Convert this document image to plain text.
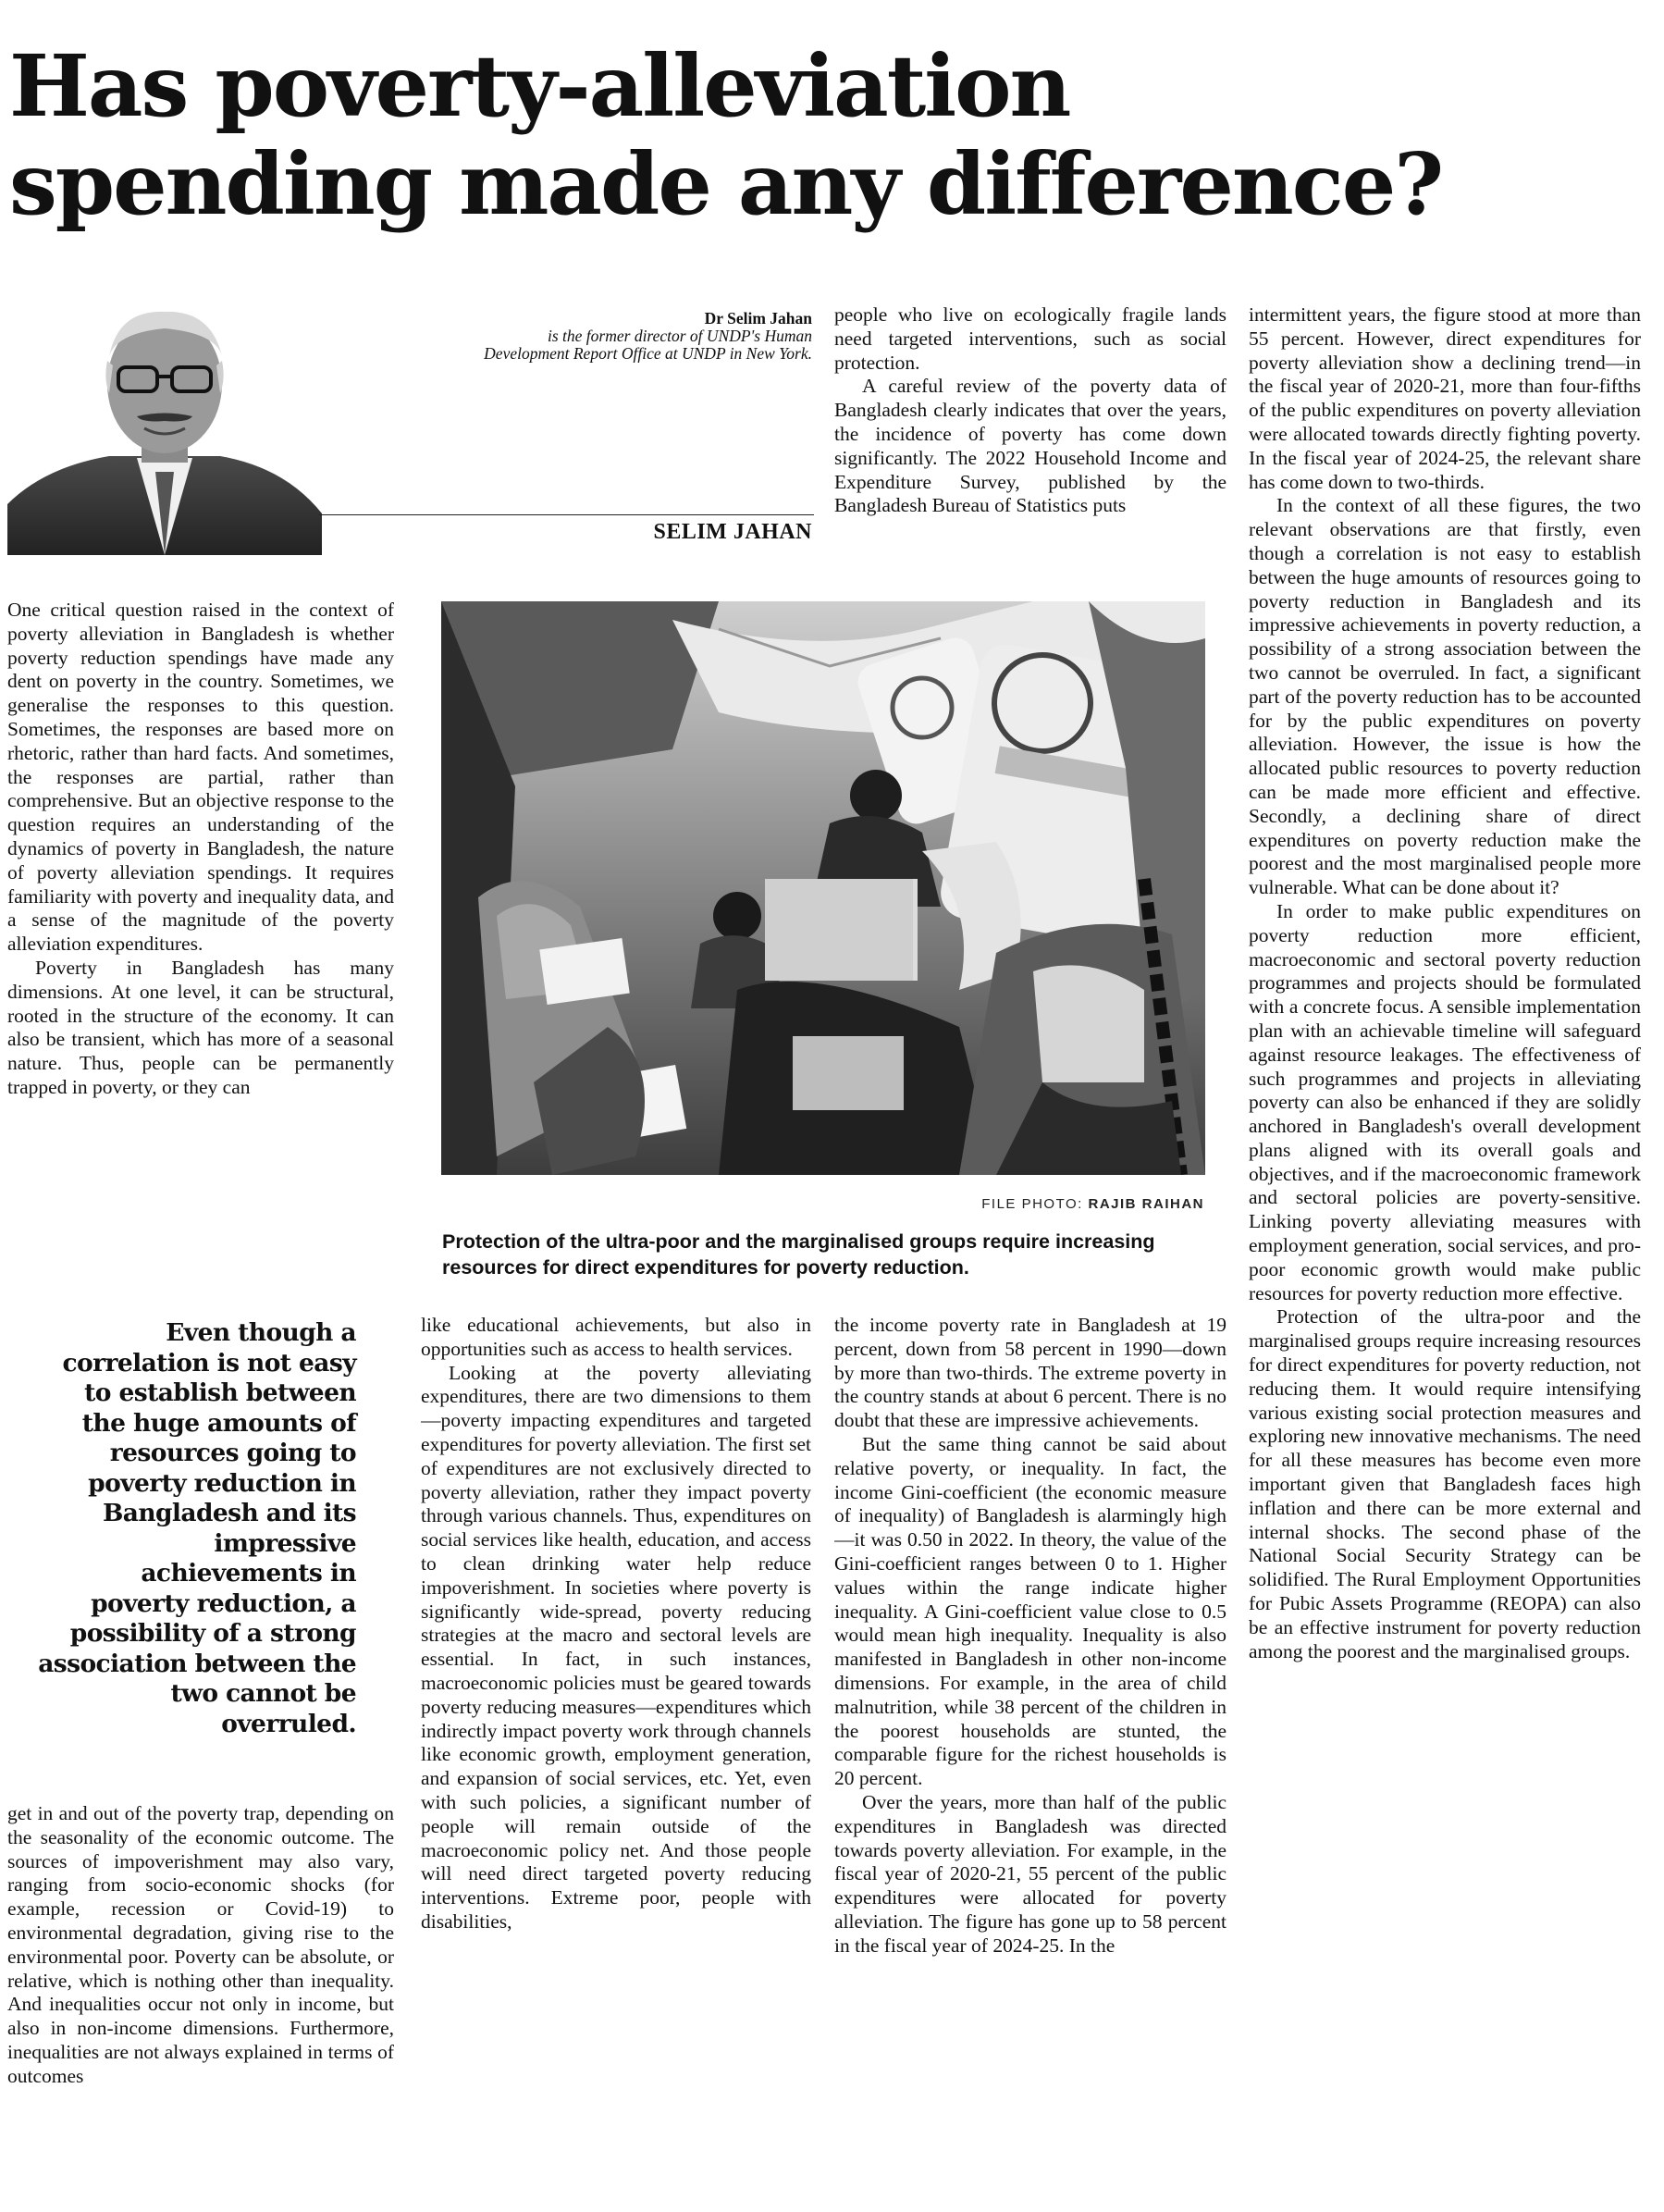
Has poverty-alleviation
spending made any difference?
Dr Selim Jahan
is the former director of UNDP's Human
Development Report Office at UNDP in New York.
SELIM JAHAN

One critical question raised in the context of poverty alleviation in Bangladesh is whether poverty reduction spendings have made any dent on poverty in the country. Sometimes, we generalise the responses to this question. Sometimes, the responses are based more on rhetoric, rather than hard facts. And sometimes, the responses are partial, rather than comprehensive. But an objective response to the question requires an understanding of the dynamics of poverty in Bangladesh, the nature of poverty alleviation spendings. It requires familiarity with poverty and inequality data, and a sense of the magnitude of the poverty alleviation expenditures.

Poverty in Bangladesh has many dimensions. At one level, it can be structural, rooted in the structure of the economy. It can also be transient, which has more of a seasonal nature. Thus, people can be permanently trapped in poverty, or they can

people who live on ecologically fragile lands need targeted interventions, such as social protection.

A careful review of the poverty data of Bangladesh clearly indicates that over the years, the incidence of poverty has come down significantly. The 2022 Household Income and Expenditure Survey, published by the Bangladesh Bureau of Statistics puts

FILE PHOTO: RAJIB RAIHAN
Protection of the ultra-poor and the marginalised groups require increasing resources for direct expenditures for poverty reduction.
Even though a correlation is not easy to establish between the huge amounts of resources going to poverty reduction in Bangladesh and its impressive achievements in poverty reduction, a possibility of a strong association between the two cannot be overruled.

get in and out of the poverty trap, depending on the seasonality of the economic outcome. The sources of impoverishment may also vary, ranging from socio-economic shocks (for example, recession or Covid-19) to environmental degradation, giving rise to the environmental poor. Poverty can be absolute, or relative, which is nothing other than inequality. And inequalities occur not only in income, but also in non-income dimensions. Furthermore, inequalities are not always explained in terms of outcomes

like educational achievements, but also in opportunities such as access to health services.

Looking at the poverty alleviating expenditures, there are two dimensions to them—poverty impacting expenditures and targeted expenditures for poverty alleviation. The first set of expenditures are not exclusively directed to poverty alleviation, rather they impact poverty through various channels. Thus, expenditures on social services like health, education, and access to clean drinking water help reduce impoverishment. In societies where poverty is significantly wide-spread, poverty reducing strategies at the macro and sectoral levels are essential. In fact, in such instances, macroeconomic policies must be geared towards poverty reducing measures—expenditures which indirectly impact poverty work through channels like economic growth, employment generation, and expansion of social services, etc. Yet, even with such policies, a significant number of people will remain outside of the macroeconomic policy net. And those people will need direct targeted poverty reducing interventions. Extreme poor, people with disabilities,

the income poverty rate in Bangladesh at 19 percent, down from 58 percent in 1990—down by more than two-thirds. The extreme poverty in the country stands at about 6 percent. There is no doubt that these are impressive achievements.

But the same thing cannot be said about relative poverty, or inequality. In fact, the income Gini-coefficient (the economic measure of inequality) of Bangladesh is alarmingly high—it was 0.50 in 2022. In theory, the value of the Gini-coefficient ranges between 0 to 1. Higher values within the range indicate higher inequality. A Gini-coefficient value close to 0.5 would mean high inequality. Inequality is also manifested in Bangladesh in other non-income dimensions. For example, in the area of child malnutrition, while 38 percent of the children in the poorest households are stunted, the comparable figure for the richest households is 20 percent.

Over the years, more than half of the public expenditures in Bangladesh was directed towards poverty alleviation. For example, in the fiscal year of 2020-21, 55 percent of the public expenditures were allocated for poverty alleviation. The figure has gone up to 58 percent in the fiscal year of 2024-25. In the

intermittent years, the figure stood at more than 55 percent. However, direct expenditures for poverty alleviation show a declining trend—in the fiscal year of 2020-21, more than four-fifths of the public expenditures on poverty alleviation were allocated towards directly fighting poverty. In the fiscal year of 2024-25, the relevant share has come down to two-thirds.

In the context of all these figures, the two relevant observations are that firstly, even though a correlation is not easy to establish between the huge amounts of resources going to poverty reduction in Bangladesh and its impressive achievements in poverty reduction, a possibility of a strong association between the two cannot be overruled. In fact, a significant part of the poverty reduction has to be accounted for by the public expenditures on poverty alleviation. However, the issue is how the allocated public resources to poverty reduction can be made more efficient and effective. Secondly, a declining share of direct expenditures on poverty reduction make the poorest and the most marginalised people more vulnerable. What can be done about it?

In order to make public expenditures on poverty reduction more efficient, macroeconomic and sectoral poverty reduction programmes and projects should be formulated with a concrete focus. A sensible implementation plan with an achievable timeline will safeguard against resource leakages. The effectiveness of such programmes and projects in alleviating poverty can also be enhanced if they are solidly anchored in Bangladesh's overall development plans aligned with its overall goals and objectives, and if the macroeconomic framework and sectoral policies are poverty-sensitive. Linking poverty alleviating measures with employment generation, social services, and pro-poor economic growth would make public resources for poverty reduction more effective.

Protection of the ultra-poor and the marginalised groups require increasing resources for direct expenditures for poverty reduction, not reducing them. It would require intensifying various existing social protection measures and exploring new innovative mechanisms. The need for all these measures has become even more important given that Bangladesh faces high inflation and there can be more external and internal shocks. The second phase of the National Social Security Strategy can be solidified. The Rural Employment Opportunities for Pubic Assets Programme (REOPA) can also be an effective instrument for poverty reduction among the poorest and the marginalised groups.
